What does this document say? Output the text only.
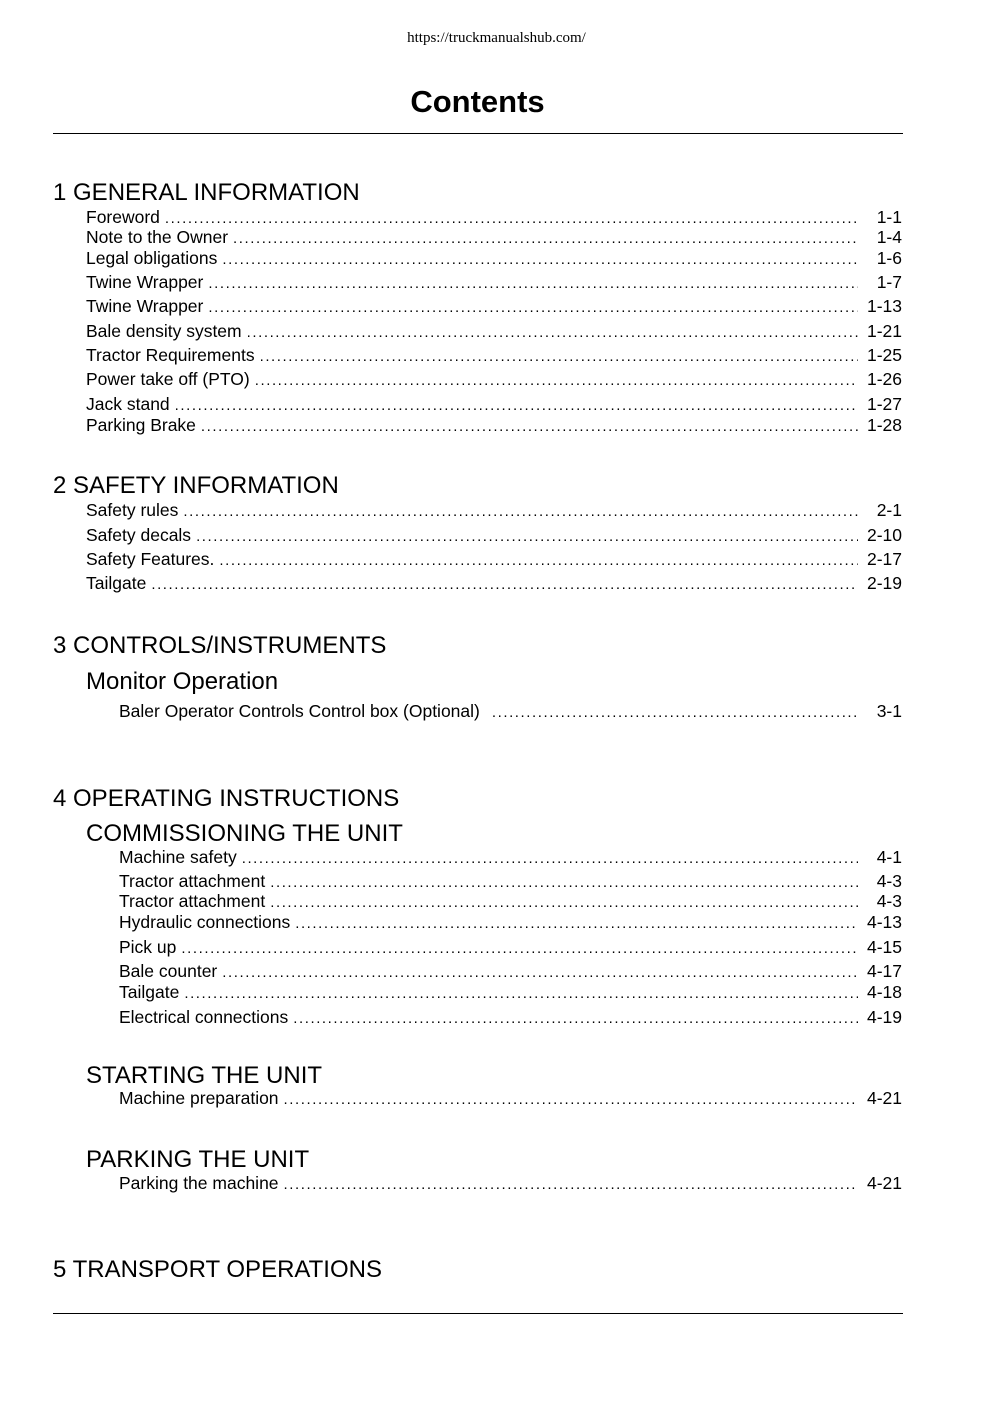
https://truckmanualshub.com/
Contents
1 GENERAL INFORMATION
Foreword . . .	1-1
Note to the Owner . . .	1-4
Legal obligations . . .	1-6
Twine Wrapper . . .	1-7
Twine Wrapper . . .	1-13
Bale density system . . .	1-21
Tractor Requirements . . .	1-25
Power take off (PTO) . . .	1-26
Jack stand . . .	1-27
Parking Brake . . .	1-28
2 SAFETY INFORMATION
Safety rules . . .	2-1
Safety decals . . .	2-10
Safety Features. . . .	2-17
Tailgate . . .	2-19
3 CONTROLS/INSTRUMENTS
Monitor Operation
Baler Operator Controls Control box (Optional) . . .	3-1
4 OPERATING INSTRUCTIONS
COMMISSIONING THE UNIT
Machine safety . . .	4-1
Tractor attachment . . .	4-3
Tractor attachment . . .	4-3
Hydraulic connections . . .	4-13
Pick up . . .	4-15
Bale counter . . .	4-17
Tailgate . . .	4-18
Electrical connections . . .	4-19
STARTING THE UNIT
Machine preparation . . .	4-21
PARKING THE UNIT
Parking the machine . . .	4-21
5 TRANSPORT OPERATIONS
